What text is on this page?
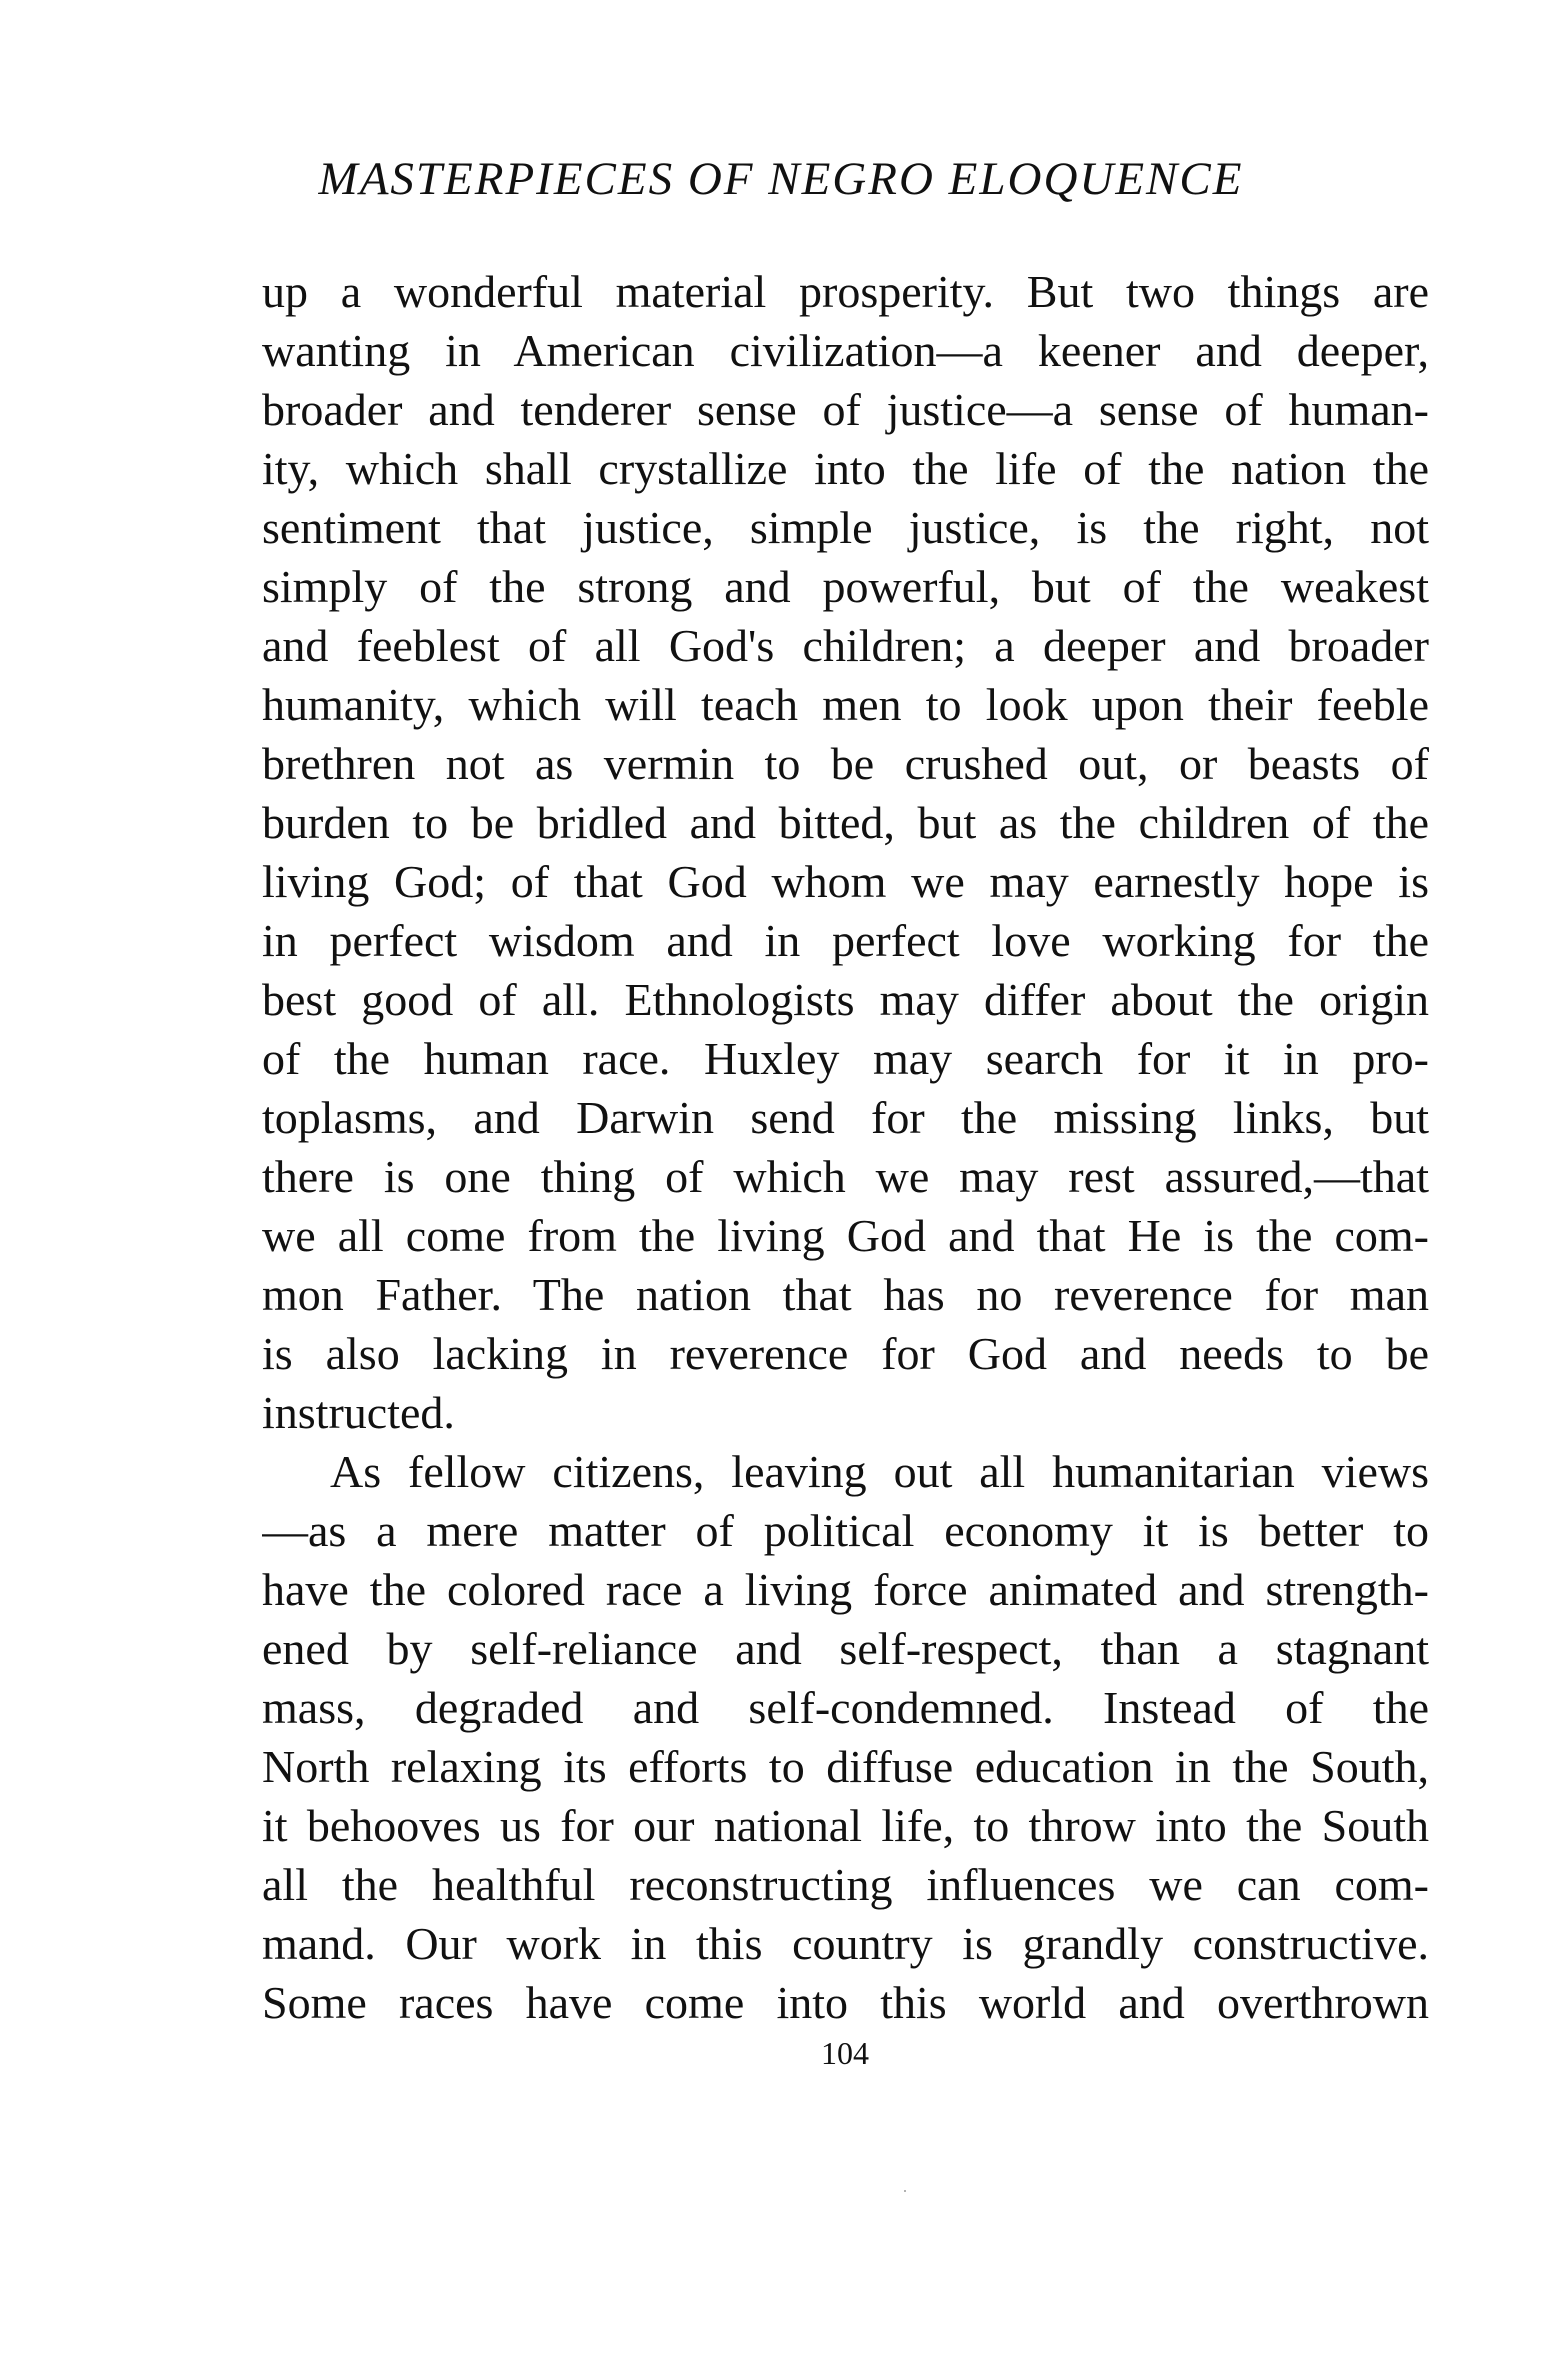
MASTERPIECES OF NEGRO ELOQUENCE
up a wonderful material prosperity. But two things are
wanting in American civilization—a keener and deeper,
broader and tenderer sense of justice—a sense of human-
ity, which shall crystallize into the life of the nation the
sentiment that justice, simple justice, is the right, not
simply of the strong and powerful, but of the weakest
and feeblest of all God's children; a deeper and broader
humanity, which will teach men to look upon their feeble
brethren not as vermin to be crushed out, or beasts of
burden to be bridled and bitted, but as the children of the
living God; of that God whom we may earnestly hope is
in perfect wisdom and in perfect love working for the
best good of all. Ethnologists may differ about the origin
of the human race. Huxley may search for it in pro-
toplasms, and Darwin send for the missing links, but
there is one thing of which we may rest assured,—that
we all come from the living God and that He is the com-
mon Father. The nation that has no reverence for man
is also lacking in reverence for God and needs to be
instructed.
As fellow citizens, leaving out all humanitarian views
—as a mere matter of political economy it is better to
have the colored race a living force animated and strength-
ened by self-reliance and self-respect, than a stagnant
mass, degraded and self-condemned. Instead of the
North relaxing its efforts to diffuse education in the South,
it behooves us for our national life, to throw into the South
all the healthful reconstructing influences we can com-
mand. Our work in this country is grandly constructive.
Some races have come into this world and overthrown
104
